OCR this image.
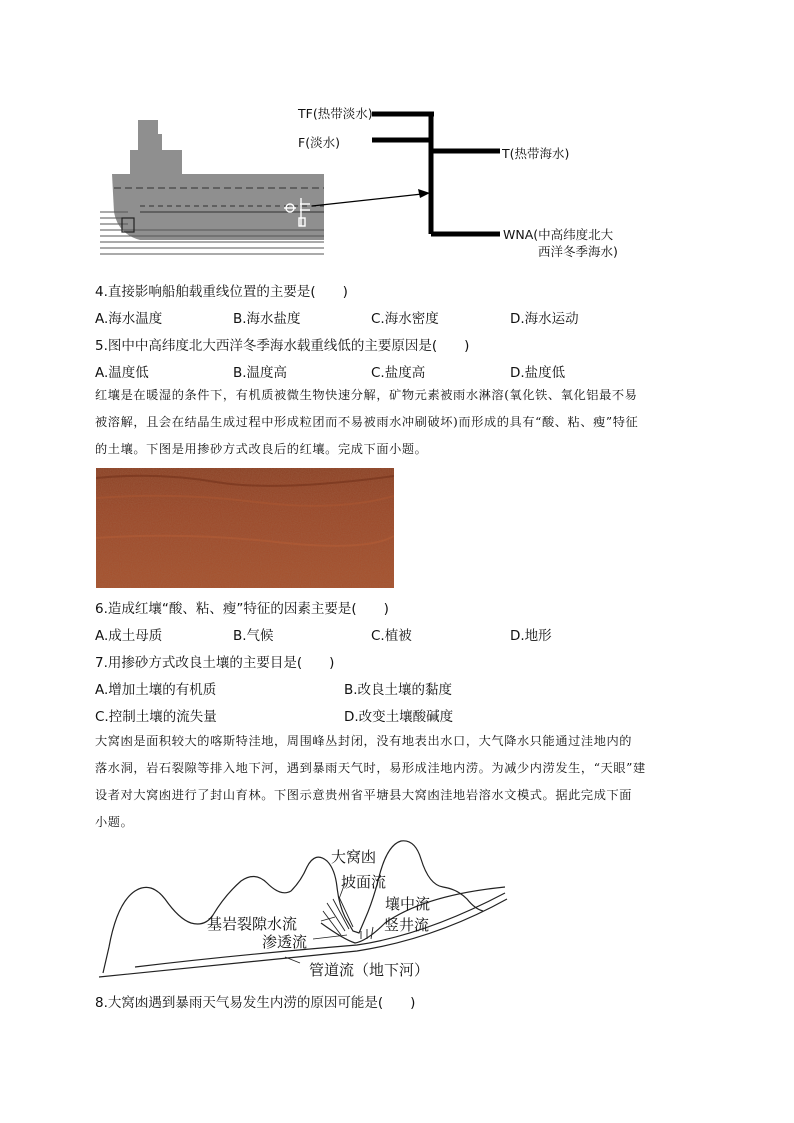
TF(热带淡水)
F(淡水)
T(热带海水)
WNA(中高纬度北大
西洋冬季海水)
4.直接影响船舶载重线位置的主要是(　　)
A.海水温度	B.海水盐度	C.海水密度	D.海水运动
5.图中中高纬度北大西洋冬季海水载重线低的主要原因是(　　)
A.温度低	B.温度高	C.盐度高	D.盐度低
红壤是在暖湿的条件下，有机质被微生物快速分解，矿物元素被雨水淋溶(氧化铁、氧化铝最不易
被溶解，且会在结晶生成过程中形成粒团而不易被雨水冲刷破坏)而形成的具有“酸、粘、瘦”特征
的土壤。下图是用掺砂方式改良后的红壤。完成下面小题。
6.造成红壤“酸、粘、瘦”特征的因素主要是(　　)
A.成土母质	B.气候	C.植被	D.地形
7.用掺砂方式改良土壤的主要目是(　　)
A.增加土壤的有机质	B.改良土壤的黏度
C.控制土壤的流失量	D.改变土壤酸碱度
大窝凼是面积较大的喀斯特洼地，周围峰丛封闭，没有地表出水口，大气降水只能通过洼地内的
落水洞，岩石裂隙等排入地下河，遇到暴雨天气时，易形成洼地内涝。为减少内涝发生，“天眼”建
设者对大窝凼进行了封山育林。下图示意贵州省平塘县大窝凼洼地岩溶水文模式。据此完成下面
小题。
大窝凼
坡面流
壤中流
基岩裂隙水流	竖井流
渗透流
管道流（地下河）
8.大窝凼遇到暴雨天气易发生内涝的原因可能是(　　)
